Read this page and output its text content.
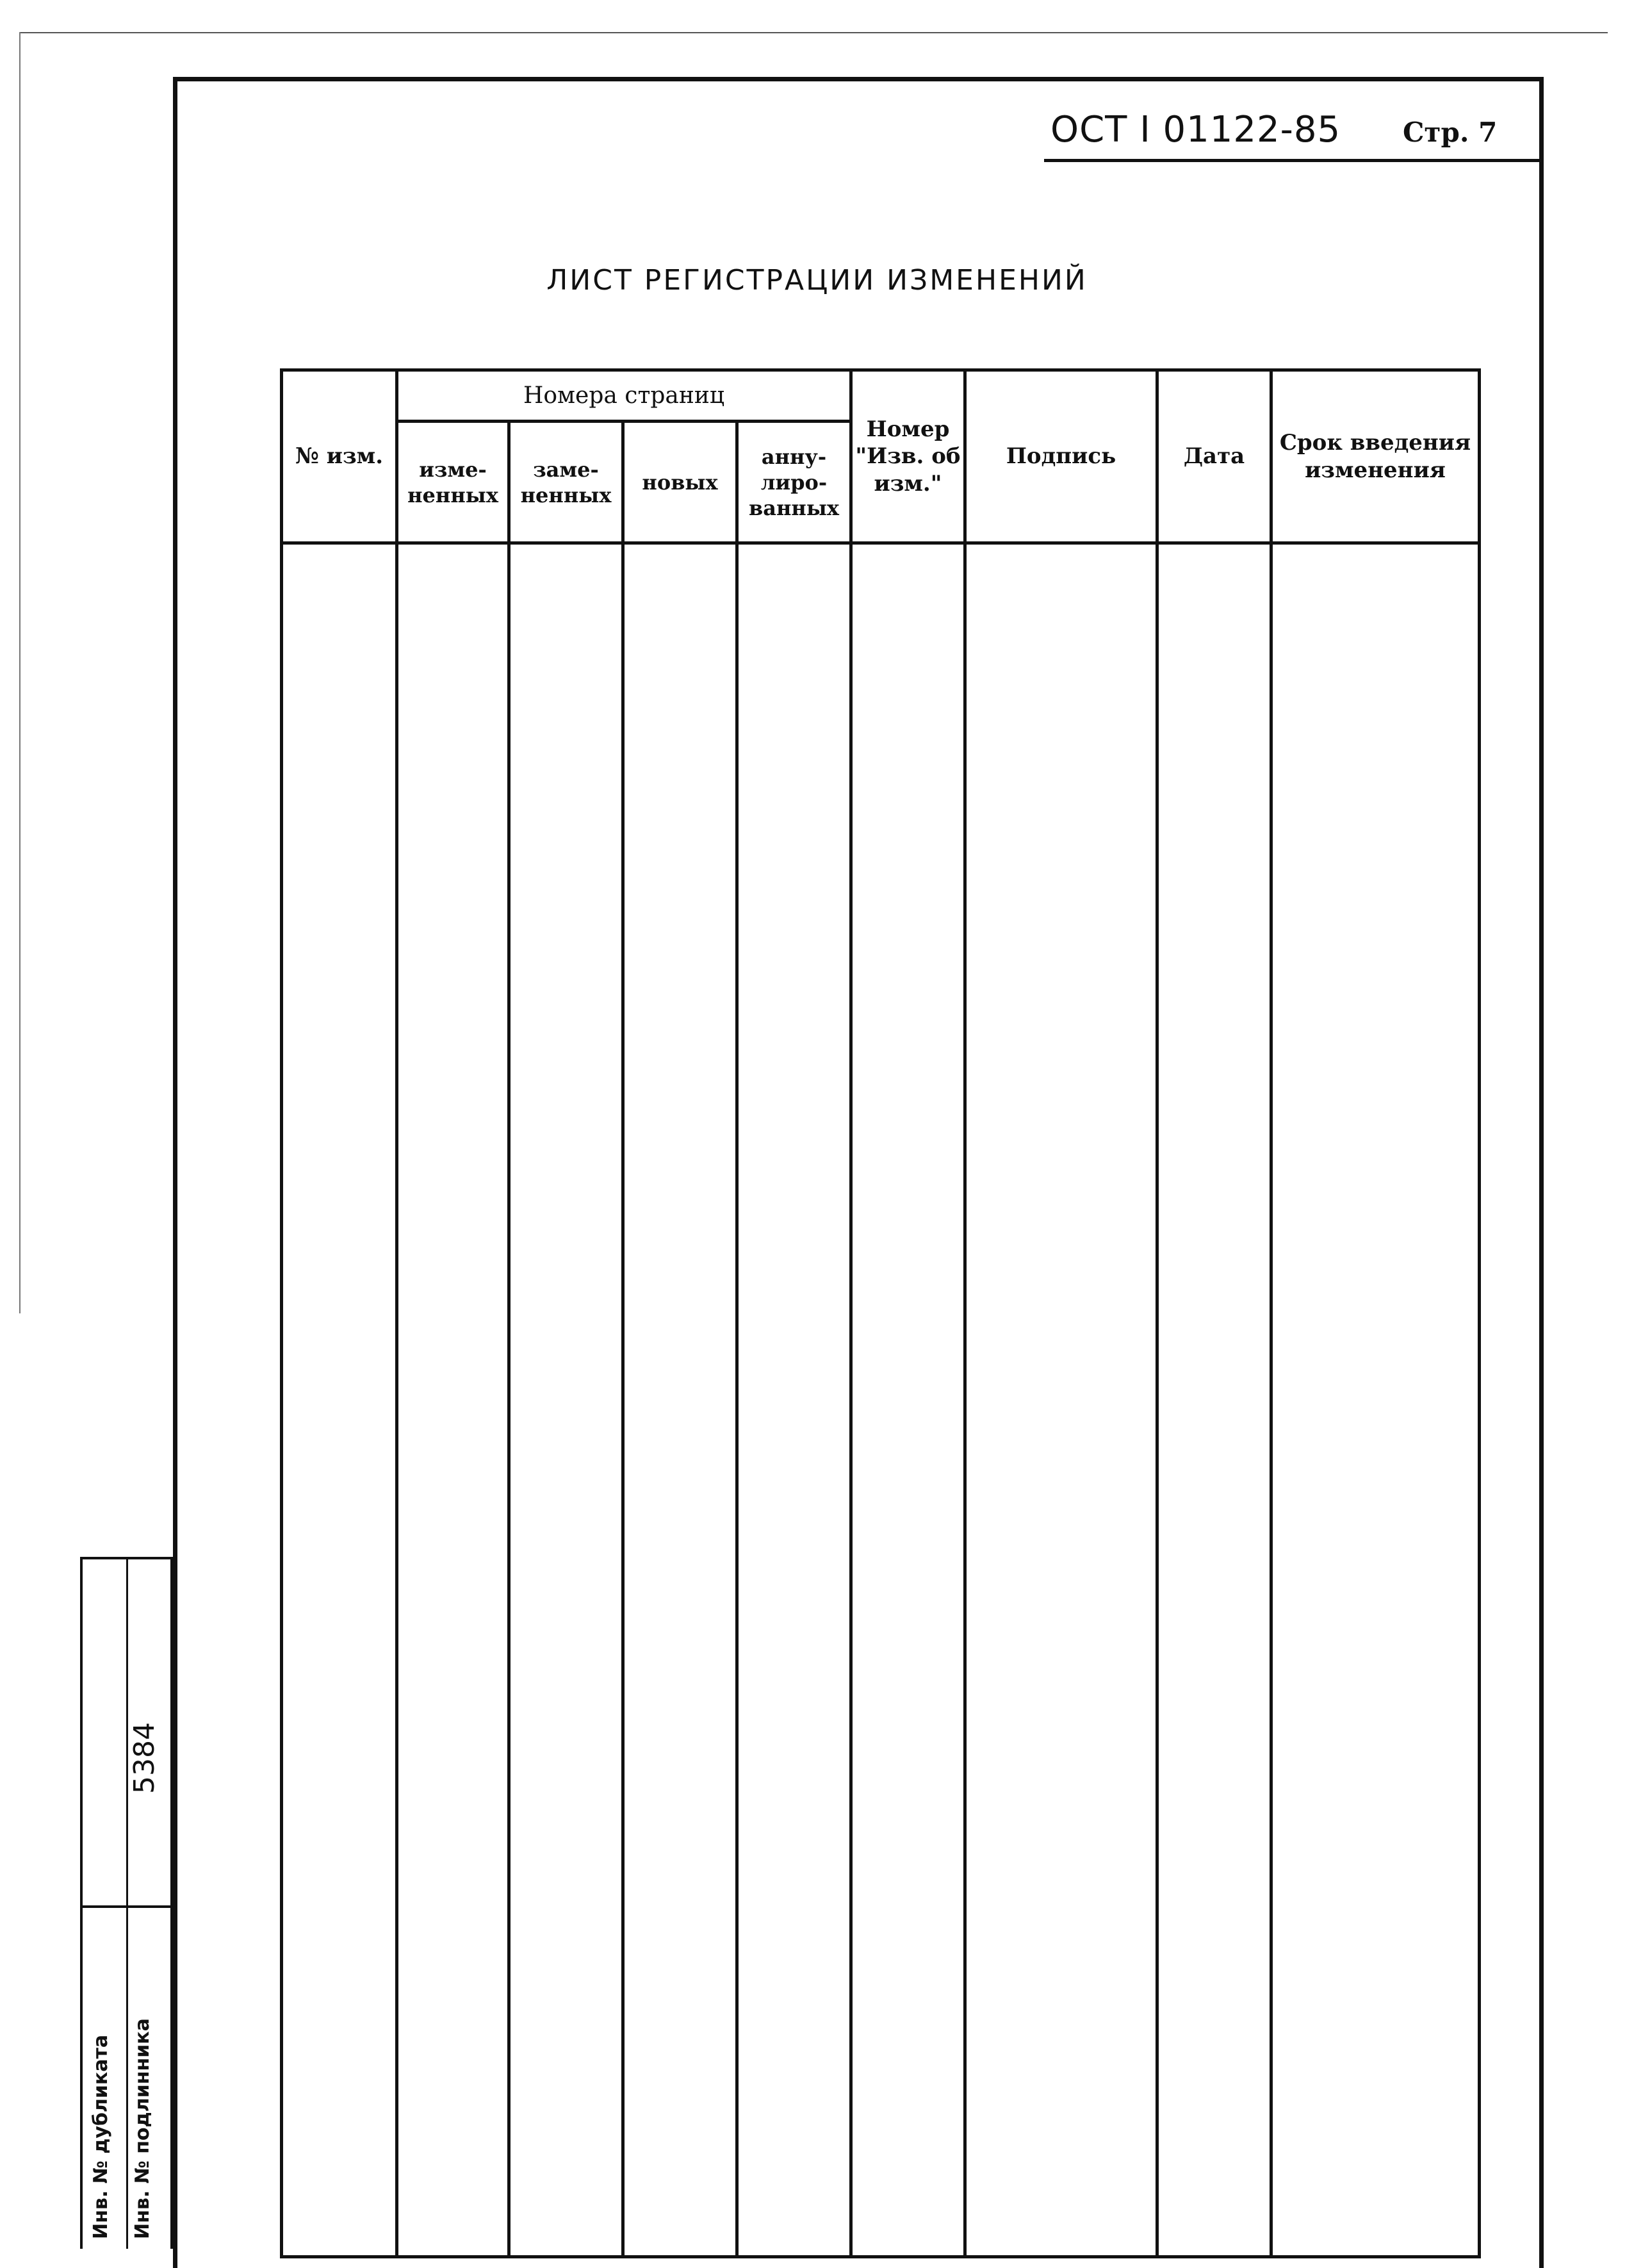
ОСТ І 01122-85 Стр. 7
ЛИСТ РЕГИСТРАЦИИ ИЗМЕНЕНИЙ
№ изм.	Номера страниц				Номер "Изв. об изм."	Подпись	Дата	Срок введения изменения
	изме- ненных	заме- ненных	новых	анну- лиро- ванных				

Инв. № дубликата Инв. № подлинника
5384
